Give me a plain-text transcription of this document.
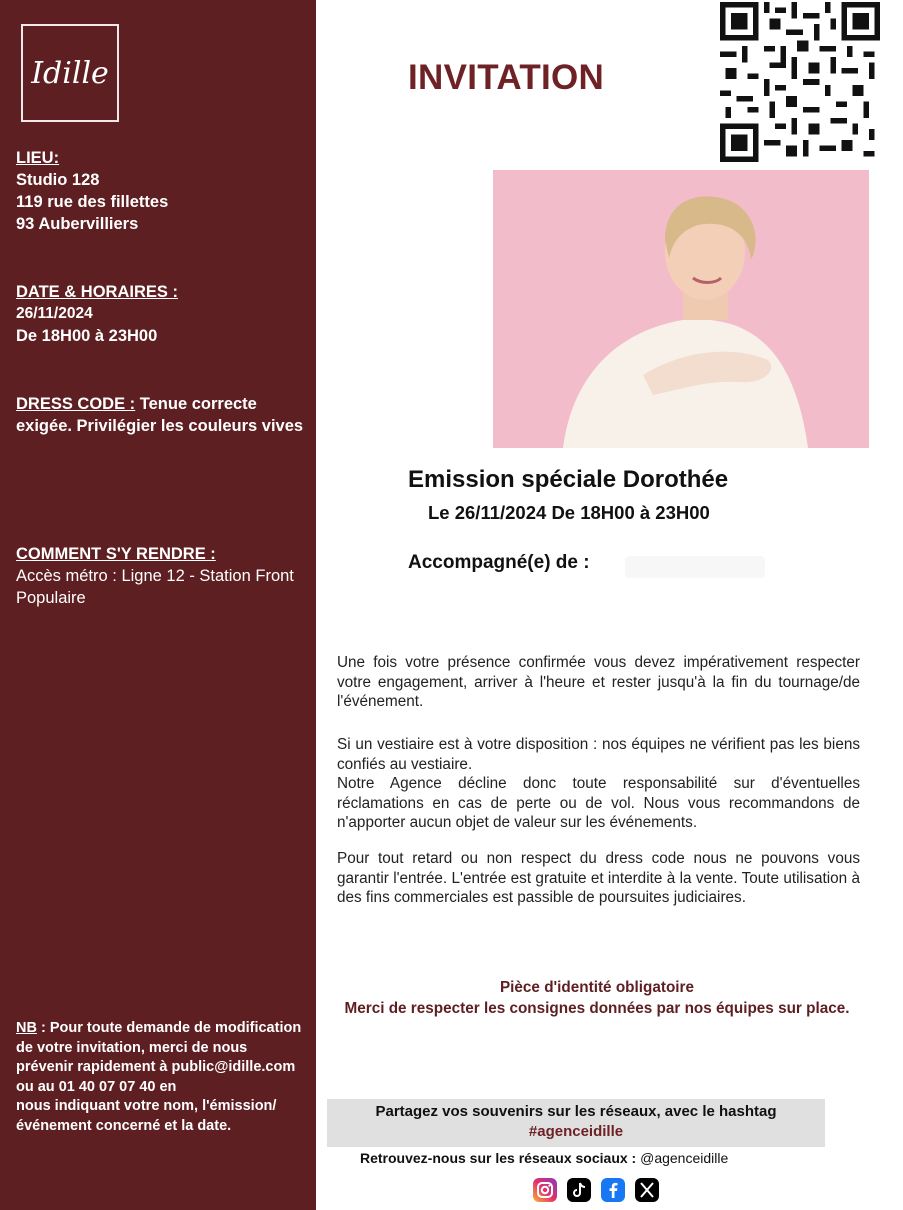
Idille
LIEU:
Studio 128
119 rue des fillettes
93 Aubervilliers
DATE & HORAIRES :
26/11/2024
De 18H00 à 23H00
DRESS CODE : Tenue correcte exigée. Privilégier les couleurs vives
COMMENT S'Y RENDRE :
Accès métro : Ligne 12 - Station Front Populaire
NB : Pour toute demande de modification de votre invitation, merci de nous prévenir rapidement à public@idille.com ou au 01 40 07 07 40 en
nous indiquant votre nom, l'émission/événement concerné et la date.
INVITATION
Emission spéciale Dorothée
Le 26/11/2024 De 18H00 à 23H00
Accompagné(e) de :
Une fois votre présence confirmée vous devez impérativement respecter votre engagement, arriver à l'heure et rester jusqu'à la fin du tournage/de l'événement.
Si un vestiaire est à votre disposition : nos équipes ne vérifient pas les biens confiés au vestiaire.
Notre Agence décline donc toute responsabilité sur d'éventuelles réclamations en cas de perte ou de vol. Nous vous recommandons de n'apporter aucun objet de valeur sur les événements.
Pour tout retard ou non respect du dress code nous ne pouvons vous garantir l'entrée. L'entrée est gratuite et interdite à la vente. Toute utilisation à des fins commerciales est passible de poursuites judiciaires.
Pièce d'identité obligatoire
Merci de respecter les consignes données par nos équipes sur place.
Partagez vos souvenirs sur les réseaux, avec le hashtag
#agenceidille
Retrouvez-nous sur les réseaux sociaux : @agenceidille
